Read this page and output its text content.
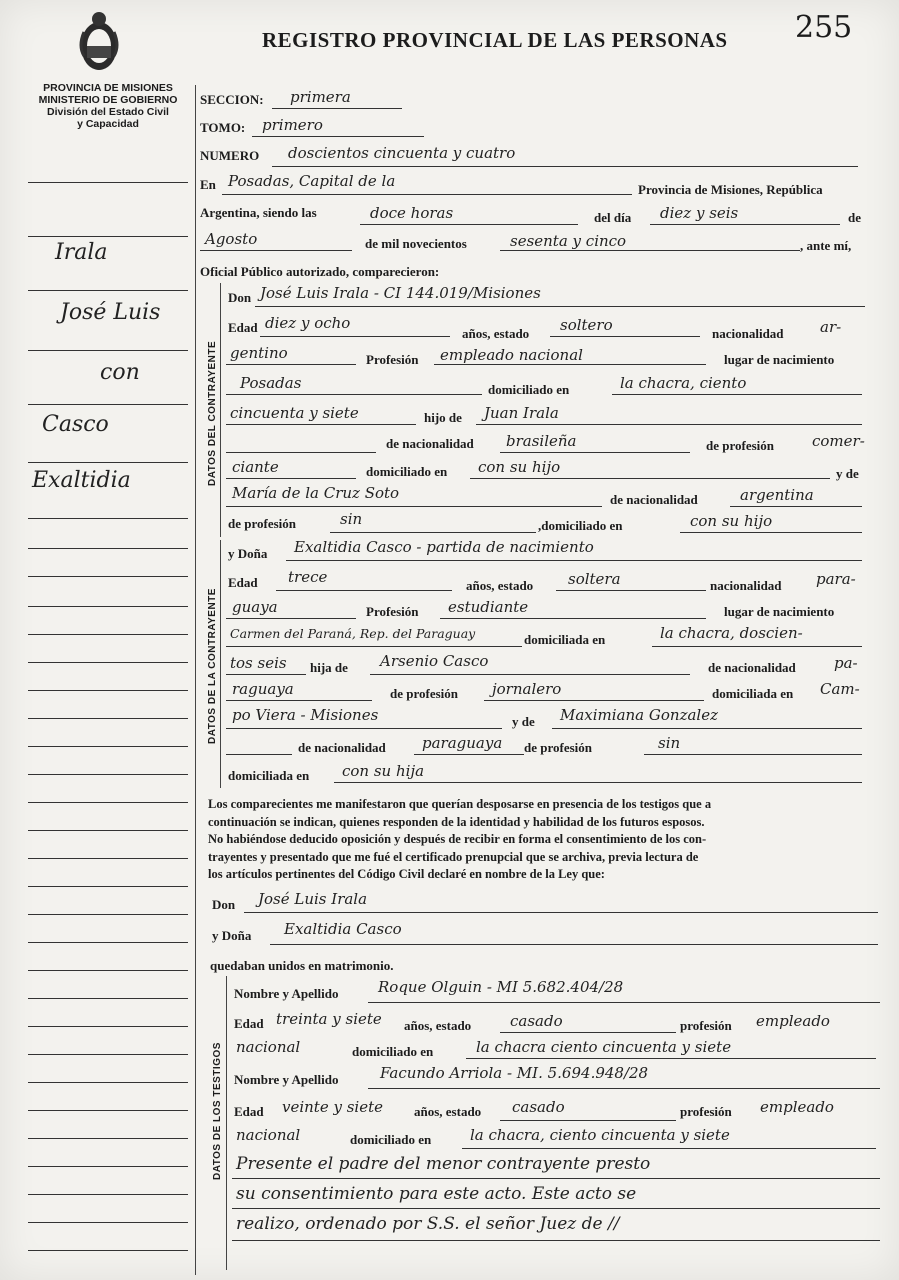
255
REGISTRO PROVINCIAL DE LAS PERSONAS
PROVINCIA DE MISIONES
MINISTERIO DE GOBIERNO
División del Estado Civil
y Capacidad
Irala
José Luis
con
Casco
Exaltidia
SECCION: primera
TOMO: primero
NUMERO doscientos cincuenta y cuatro
En Posadas, Capital de la	Provincia de Misiones, República
Argentina, siendo las	doce horas	del día diez y seis	de
Agosto	de mil novecientos	sesenta y cinco	, ante mí,
Oficial Público autorizado, comparecieron:
DATOS DEL CONTRAYENTE
Don José Luis Irala - CI 144.019/Misiones
Edad diez y ocho
años, estado soltero	nacionalidad ar-
gentino	Profesión empleado nacional	lugar de nacimiento
Posadas	domiciliado en	la chacra, ciento
cincuenta y siete	hijo de Juan Irala
de nacionalidad brasileña	de profesión	comer-
ciante	domiciliado en con su hijo	y de
María de la Cruz Soto	de nacionalidad	argentina
de profesión	sin	,domiciliado en	con su hijo
DATOS DE LA CONTRAYENTE
y Doña Exaltidia Casco - partida de nacimiento
Edad trece	años, estado soltera	nacionalidad para-
guaya	Profesión estudiante	lugar de nacimiento
Carmen del Paraná, Rep. del Paraguay	domiciliada en	la chacra, doscien-
tos seis hija de Arsenio Casco	de nacionalidad	pa-
raguaya	de profesión jornalero	domiciliada en Cam-
po Viera - Misiones	y de Maximiana Gonzalez
de nacionalidad paraguaya de profesión	sin
domiciliada en con su hija
Los comparecientes me manifestaron que querían desposarse en presencia de los testigos que a
continuación se indican, quienes responden de la identidad y habilidad de los futuros esposos.
No habiéndose deducido oposición y después de recibir en forma el consentimiento de los con-
trayentes y presentado que me fué el certificado prenupcial que se archiva, previa lectura de
los artículos pertinentes del Código Civil declaré en nombre de la Ley que:
Don José Luis Irala
y Doña Exaltidia Casco
quedaban unidos en matrimonio.
DATOS DE LOS TESTIGOS
Nombre y Apellido	Roque Olguin - MI 5.682.404/28
Edad treinta y siete años, estado	casado	profesión empleado
nacional	domiciliado en	la chacra ciento cincuenta y siete
Nombre y Apellido	Facundo Arriola - MI. 5.694.948/28
Edad veinte y siete años, estado casado	profesión empleado
nacional	domiciliado en	la chacra, ciento cincuenta y siete
Presente el padre del menor contrayente presto
su consentimiento para este acto. Este acto se
realizo, ordenado por S.S. el señor Juez de //
